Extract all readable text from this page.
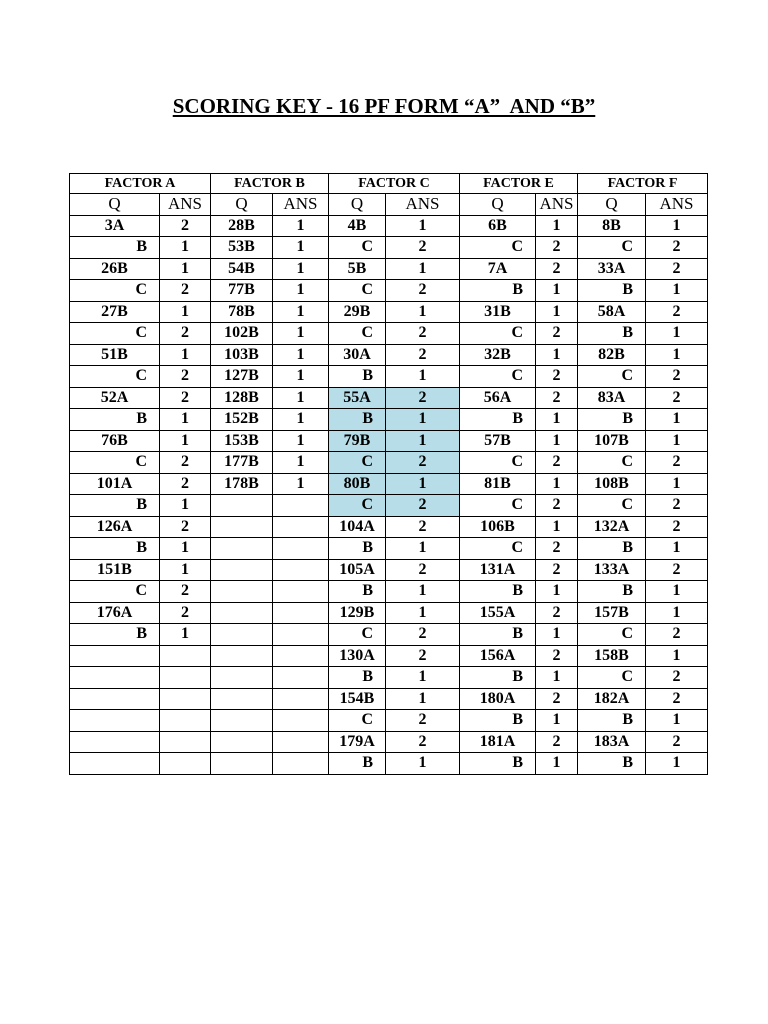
SCORING KEY - 16 PF FORM “A”  AND “B”
FACTOR A		FACTOR B		FACTOR C		FACTOR E		FACTOR F	
Q	ANS	Q	ANS	Q	ANS	Q	ANS	Q	ANS
3A	2	28B	1	4B	1	6B	1	8B	1
B	1	53B	1	C	2	C	2	C	2
26B	1	54B	1	5B	1	7A	2	33A	2
C	2	77B	1	C	2	B	1	B	1
27B	1	78B	1	29B	1	31B	1	58A	2
C	2	102B	1	C	2	C	2	B	1
51B	1	103B	1	30A	2	32B	1	82B	1
C	2	127B	1	B	1	C	2	C	2
52A	2	128B	1	55A	2	56A	2	83A	2
B	1	152B	1	B	1	B	1	B	1
76B	1	153B	1	79B	1	57B	1	107B	1
C	2	177B	1	C	2	C	2	C	2
101A	2	178B	1	80B	1	81B	1	108B	1
B	1			C	2	C	2	C	2
126A	2			104A	2	106B	1	132A	2
B	1			B	1	C	2	B	1
151B	1			105A	2	131A	2	133A	2
C	2			B	1	B	1	B	1
176A	2			129B	1	155A	2	157B	1
B	1			C	2	B	1	C	2
				130A	2	156A	2	158B	1
				B	1	B	1	C	2
				154B	1	180A	2	182A	2
				C	2	B	1	B	1
				179A	2	181A	2	183A	2
				B	1	B	1	B	1
